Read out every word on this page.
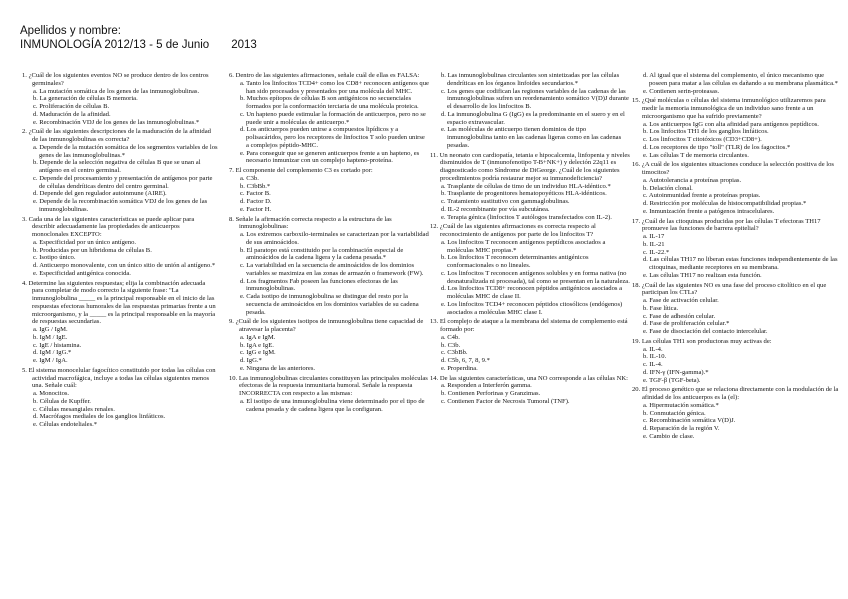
Apellidos y nombre:
INMUNOLOGÍA 2012/13 - 5 de Junio 2013
1. ¿Cuál de los siguientes eventos NO se produce dentro de los centros germinales?
a. La mutación somática de los genes de las inmunoglobulinas.
b. La generación de células B memoria.
c. Proliferación de células B.
d. Maduración de la afinidad.
e. Recombinación VDJ de los genes de las inmunoglobulinas.*
2. ¿Cuál de las siguientes descripciones de la maduración de la afinidad de las inmunoglobulinas es correcta?
a. Depende de la mutación somática de los segmentos variables de los genes de las inmunoglobulinas.*
b. Depende de la selección negativa de células B que se unan al antígeno en el centro germinal.
c. Depende del procesamiento y presentación de antígenos por parte de células dendríticas dentro del centro germinal.
d. Depende del gen regulador autoinmune (AIRE).
e. Depende de la recombinación somática VDJ de los genes de las inmunoglobulinas.
3. Cada una de las siguientes características se puede aplicar para describir adecuadamente las propiedades de anticuerpos monoclonales EXCEPTO:
a. Especificidad por un único antígeno.
b. Producidas por un hibridoma de células B.
c. Isotipo único.
d. Anticuerpo monovalente, con un único sitio de unión al antígeno.*
e. Especificidad antigénica conocida.
4. Determine las siguientes respuestas; elija la combinación adecuada para completar de modo correcto la siguiente frase: "La inmunoglobulina _____ es la principal responsable en el inicio de las respuestas efectoras humorales de las respuestas primarias frente a un microorganismo, y la _____ es la principal responsable en la mayoría de respuestas secundarias.
a. IgG / IgM.
b. IgM / IgE.
c. IgE / histamina.
d. IgM / IgG.*
e. IgM / IgA.
5. El sistema monocelular fagocítico constituido por todas las células con actividad macrofágica, incluye a todas las células siguientes menos una. Señale cuál:
a. Monocitos.
b. Células de Kupffer.
c. Células mesangiales renales.
d. Macrófagos mediales de los ganglios linfáticos.
e. Células endoteliales.*
6. Dentro de las siguientes afirmaciones, señale cuál de ellas es FALSA:
a. Tanto los linfocitos TCD4+ como los CD8+ reconocen antígenos que han sido procesados y presentados por una molécula del MHC.
b. Muchos epítopos de células B son antigénicos no secuenciales formados por la conformación terciaria de una molécula proteica.
c. Un hapteno puede estimular la formación de anticuerpos, pero no se puede unir a moléculas de anticuerpo.*
d. Los anticuerpos pueden unirse a compuestos lipídicos y a polisacáridos, pero los receptores de linfocitos T solo pueden unirse a complejos péptido-MHC.
e. Para conseguir que se generen anticuerpos frente a un hapteno, es necesario inmunizar con un complejo hapteno-proteína.
7. El componente del complemento C3 es cortado por:
a. C3b.
b. C3bBb.*
c. Factor B.
d. Factor D.
e. Factor H.
8. Señale la afirmación correcta respecto a la estructura de las inmunoglobulinas:
a. Los extremos carboxilo-terminales se caracterizan por la variabilidad de sus aminoácidos.
b. El paratopo está constituido por la combinación especial de aminoácidos de la cadena ligera y la cadena pesada.*
c. La variabilidad en la secuencia de aminoácidos de los dominios variables se maximiza en las zonas de armazón o framework (FW).
d. Los fragmentos Fab poseen las funciones efectoras de las inmunoglobulinas.
e. Cada isotipo de inmunoglobulina se distingue del resto por la secuencia de aminoácidos en los dominios variables de su cadena pesada.
9. ¿Cuál de los siguientes isotipos de inmunoglobulina tiene capacidad de atravesar la placenta?
a. IgA e IgM.
b. IgA e IgE.
c. IgG e IgM.
d. IgG.*
e. Ninguna de las anteriores.
10. Las inmunoglobulinas circulantes constituyen las principales moléculas efectoras de la respuesta inmunitaria humoral. Señale la respuesta INCORRECTA con respecto a las mismas:
a. El isotipo de una inmunoglobulina viene determinado por el tipo de cadena pesada y de cadena ligera que la configuran.
b. Las inmunoglobulinas circulantes son sintetizadas por las células dendríticas en los órganos linfoides secundarios.*
c. Los genes que codifican las regiones variables de las cadenas de las inmunoglobulinas sufren un reordenamiento somático V(D)J durante el desarrollo de los linfocitos B.
d. La inmunoglobulina G (IgG) es la predominante en el suero y en el espacio extravascular.
e. Las moléculas de anticuerpo tienen dominios de tipo inmunoglobulina tanto en las cadenas ligeras como en las cadenas pesadas.
11. Un neonato con cardiopatía, tetania e hipocalcemia, linfopenia y niveles disminuidos de T (inmunofenotipo T-B+NK+) y deleción 22q11 es diagnosticado como Síndrome de DiGeorge. ¿Cuál de los siguientes procedimientos podría restaurar mejor su inmunodeficiencia?
a. Trasplante de células de timo de un individuo HLA-idéntico.*
b. Trasplante de progenitores hematopoyéticos HLA-idénticos.
c. Tratamiento sustitutivo con gammaglobulinas.
d. IL-2 recombinante por vía subcutánea.
e. Terapia génica (linfocitos T autólogos transfectados con IL-2).
12. ¿Cuál de las siguientes afirmaciones es correcta respecto al reconocimiento de antígenos por parte de los linfocitos T?
a. Los linfocitos T reconocen antígenos peptídicos asociados a moléculas MHC propias.*
b. Los linfocitos T reconocen determinantes antigénicos conformacionales o no lineales.
c. Los linfocitos T reconocen antígenos solubles y en forma nativa (no desnaturalizada ni procesada), tal como se presentan en la naturaleza.
d. Los linfocitos TCD8+ reconocen péptidos antigénicos asociados a moléculas MHC de clase II.
e. Los linfocitos TCD4+ reconocen péptidos citosólicos (endógenos) asociados a moléculas MHC clase I.
13. El complejo de ataque a la membrana del sistema de complemento está formado por:
a. C4b.
b. C3b.
c. C3bBb.
d. C5b, 6, 7, 8, 9.*
e. Properdina.
14. De las siguientes características, una NO corresponde a las células NK:
a. Responden a Interferón gamma.
b. Contienen Perforinas y Granzimas.
c. Contienen Factor de Necrosis Tumoral (TNF).
d. Al igual que el sistema del complemento, el único mecanismo que poseen para matar a las células es dañando a su membrana plasmática.*
e. Contienen serin-proteasas.
15. ¿Qué moléculas o células del sistema inmunológico utilizaremos para medir la memoria inmunológica de un individuo sano frente a un microorganismo que ha sufrido previamente?
a. Los anticuerpos IgG con alta afinidad para antígenos peptídicos.
b. Los linfocitos TH1 de los ganglios linfáticos.
c. Los linfocitos T citotóxicos (CD3+CD8+).
d. Los receptores de tipo "toll" (TLR) de los fagocitos.*
e. Las células T de memoria circulantes.
16. ¿A cuál de los siguientes situaciones conduce la selección positiva de los timocitos?
a. Autotolerancia a proteínas propias.
b. Delación clonal.
c. Autoinmunidad frente a proteínas propias.
d. Restricción por moléculas de histocompatibilidad propias.*
e. Inmunización frente a patógenos intracelulares.
17. ¿Cuál de las citoquinas producidas por las células T efectoras TH17 promueve las funciones de barrera epitelial?
a. IL-17
b. IL-21
c. IL-22.*
d. Las células TH17 no liberan estas funciones independientemente de las citoquinas, mediante receptores en su membrana.
e. Las células TH17 no realizan esta función.
18. ¿Cuál de las siguientes NO es una fase del proceso citolítico en el que participan los CTLs?
a. Fase de activación celular.
b. Fase lítica.
c. Fase de adhesión celular.
d. Fase de proliferación celular.*
e. Fase de disociación del contacto intercelular.
19. Las células TH1 son productoras muy activas de:
a. IL-4.
b. IL-10.
c. IL-4.
d. IFN-γ (IFN-gamma).*
e. TGF-β (TGF-beta).
20. El proceso genético que se relaciona directamente con la modulación de la afinidad de los anticuerpos es la (el):
a. Hipermutación somática.*
b. Conmutación génica.
c. Recombinación somática V(D)J.
d. Reparación de la región V.
e. Cambio de clase.
